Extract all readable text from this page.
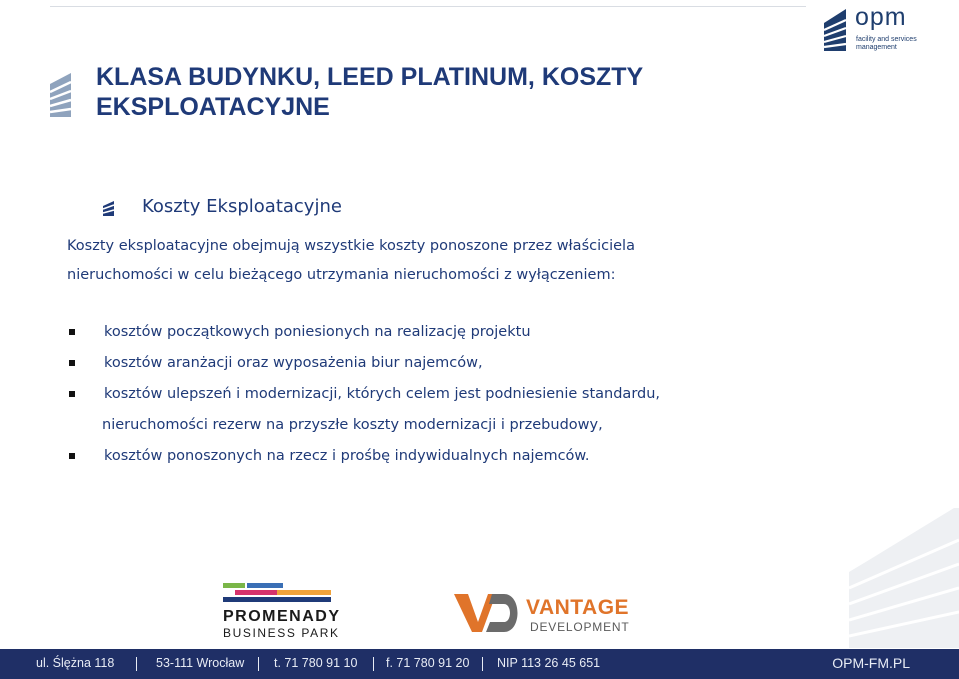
opm
facility and services
management
KLASA BUDYNKU, LEED PLATINUM, KOSZTY
EKSPLOATACYJNE
Koszty Eksploatacyjne
Koszty eksploatacyjne obejmują wszystkie koszty ponoszone przez właściciela
nieruchomości w celu bieżącego utrzymania nieruchomości z wyłączeniem:
kosztów początkowych poniesionych na realizację projektu
kosztów aranżacji oraz wyposażenia biur najemców,
kosztów ulepszeń i modernizacji, których celem jest podniesienie standardu,
nieruchomości rezerw na przyszłe koszty modernizacji i przebudowy,
kosztów ponoszonych na rzecz i prośbę indywidualnych najemców.
PROMENADY
BUSINESS PARK
VANTAGE
DEVELOPMENT
ul. Ślężna 118	53-111 Wrocław t. 71 780 91 10 f. 71 780 91 20 NIP 113 26 45 651	OPM-FM.PL
